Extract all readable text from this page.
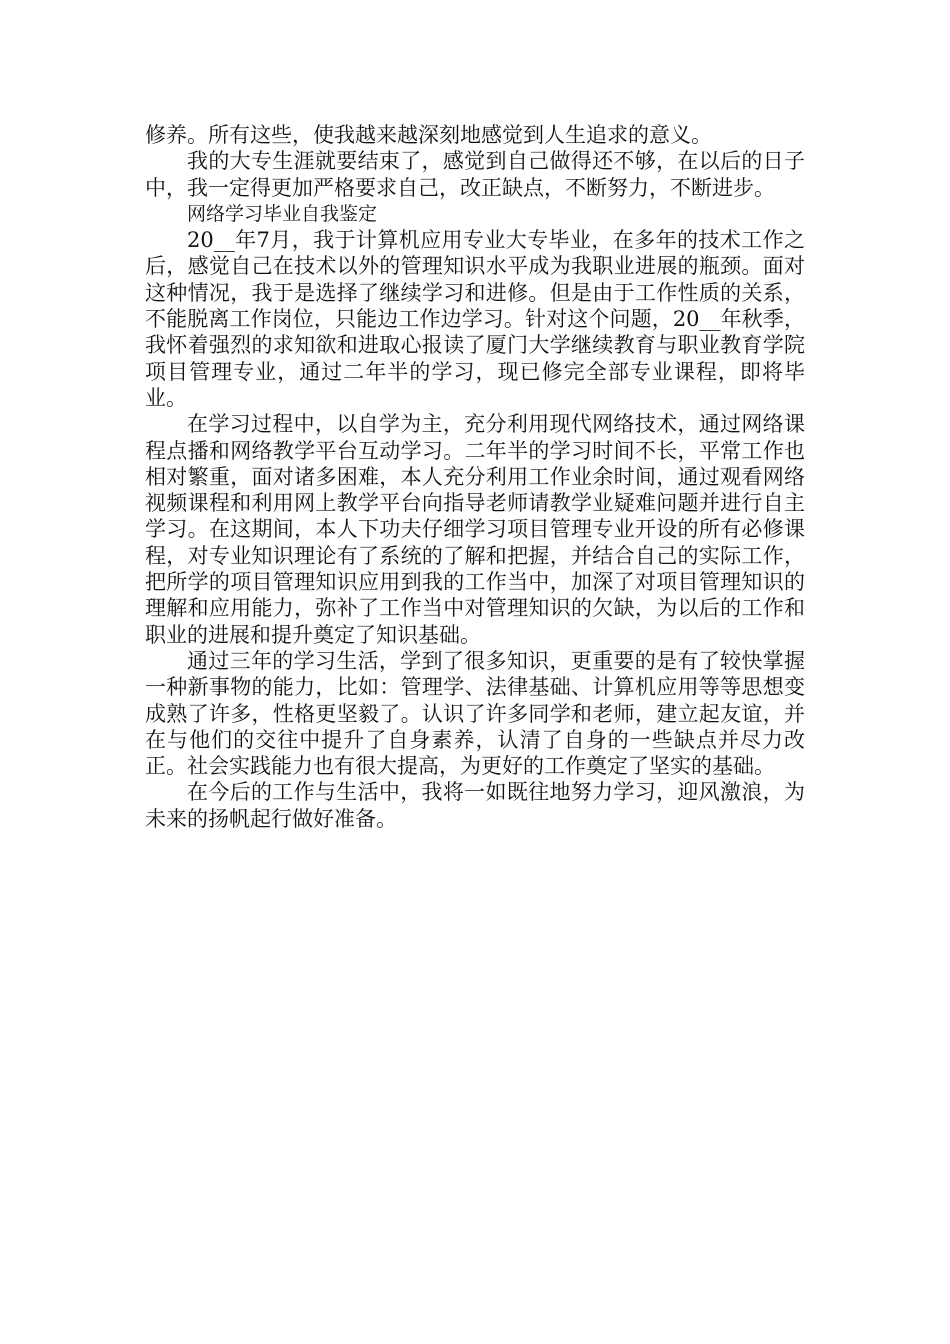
修养。所有这些，使我越来越深刻地感觉到人生追求的意义。

我的大专生涯就要结束了，感觉到自己做得还不够，在以后的日子中，我一定得更加严格要求自己，改正缺点，不断努力，不断进步。

网络学习毕业自我鉴定

20__年7月，我于计算机应用专业大专毕业，在多年的技术工作之后，感觉自己在技术以外的管理知识水平成为我职业进展的瓶颈。面对这种情况，我于是选择了继续学习和进修。但是由于工作性质的关系，不能脱离工作岗位，只能边工作边学习。针对这个问题，20__年秋季，我怀着强烈的求知欲和进取心报读了厦门大学继续教育与职业教育学院项目管理专业，通过二年半的学习，现已修完全部专业课程，即将毕业。

在学习过程中，以自学为主，充分利用现代网络技术，通过网络课程点播和网络教学平台互动学习。二年半的学习时间不长，平常工作也相对繁重，面对诸多困难，本人充分利用工作业余时间，通过观看网络视频课程和利用网上教学平台向指导老师请教学业疑难问题并进行自主学习。在这期间，本人下功夫仔细学习项目管理专业开设的所有必修课程，对专业知识理论有了系统的了解和把握，并结合自己的实际工作，把所学的项目管理知识应用到我的工作当中，加深了对项目管理知识的理解和应用能力，弥补了工作当中对管理知识的欠缺，为以后的工作和职业的进展和提升奠定了知识基础。

通过三年的学习生活，学到了很多知识，更重要的是有了较快掌握一种新事物的能力，比如：管理学、法律基础、计算机应用等等思想变成熟了许多，性格更坚毅了。认识了许多同学和老师，建立起友谊，并在与他们的交往中提升了自身素养，认清了自身的一些缺点并尽力改正。社会实践能力也有很大提高，为更好的工作奠定了坚实的基础。

在今后的工作与生活中，我将一如既往地努力学习，迎风激浪，为未来的扬帆起行做好准备。
